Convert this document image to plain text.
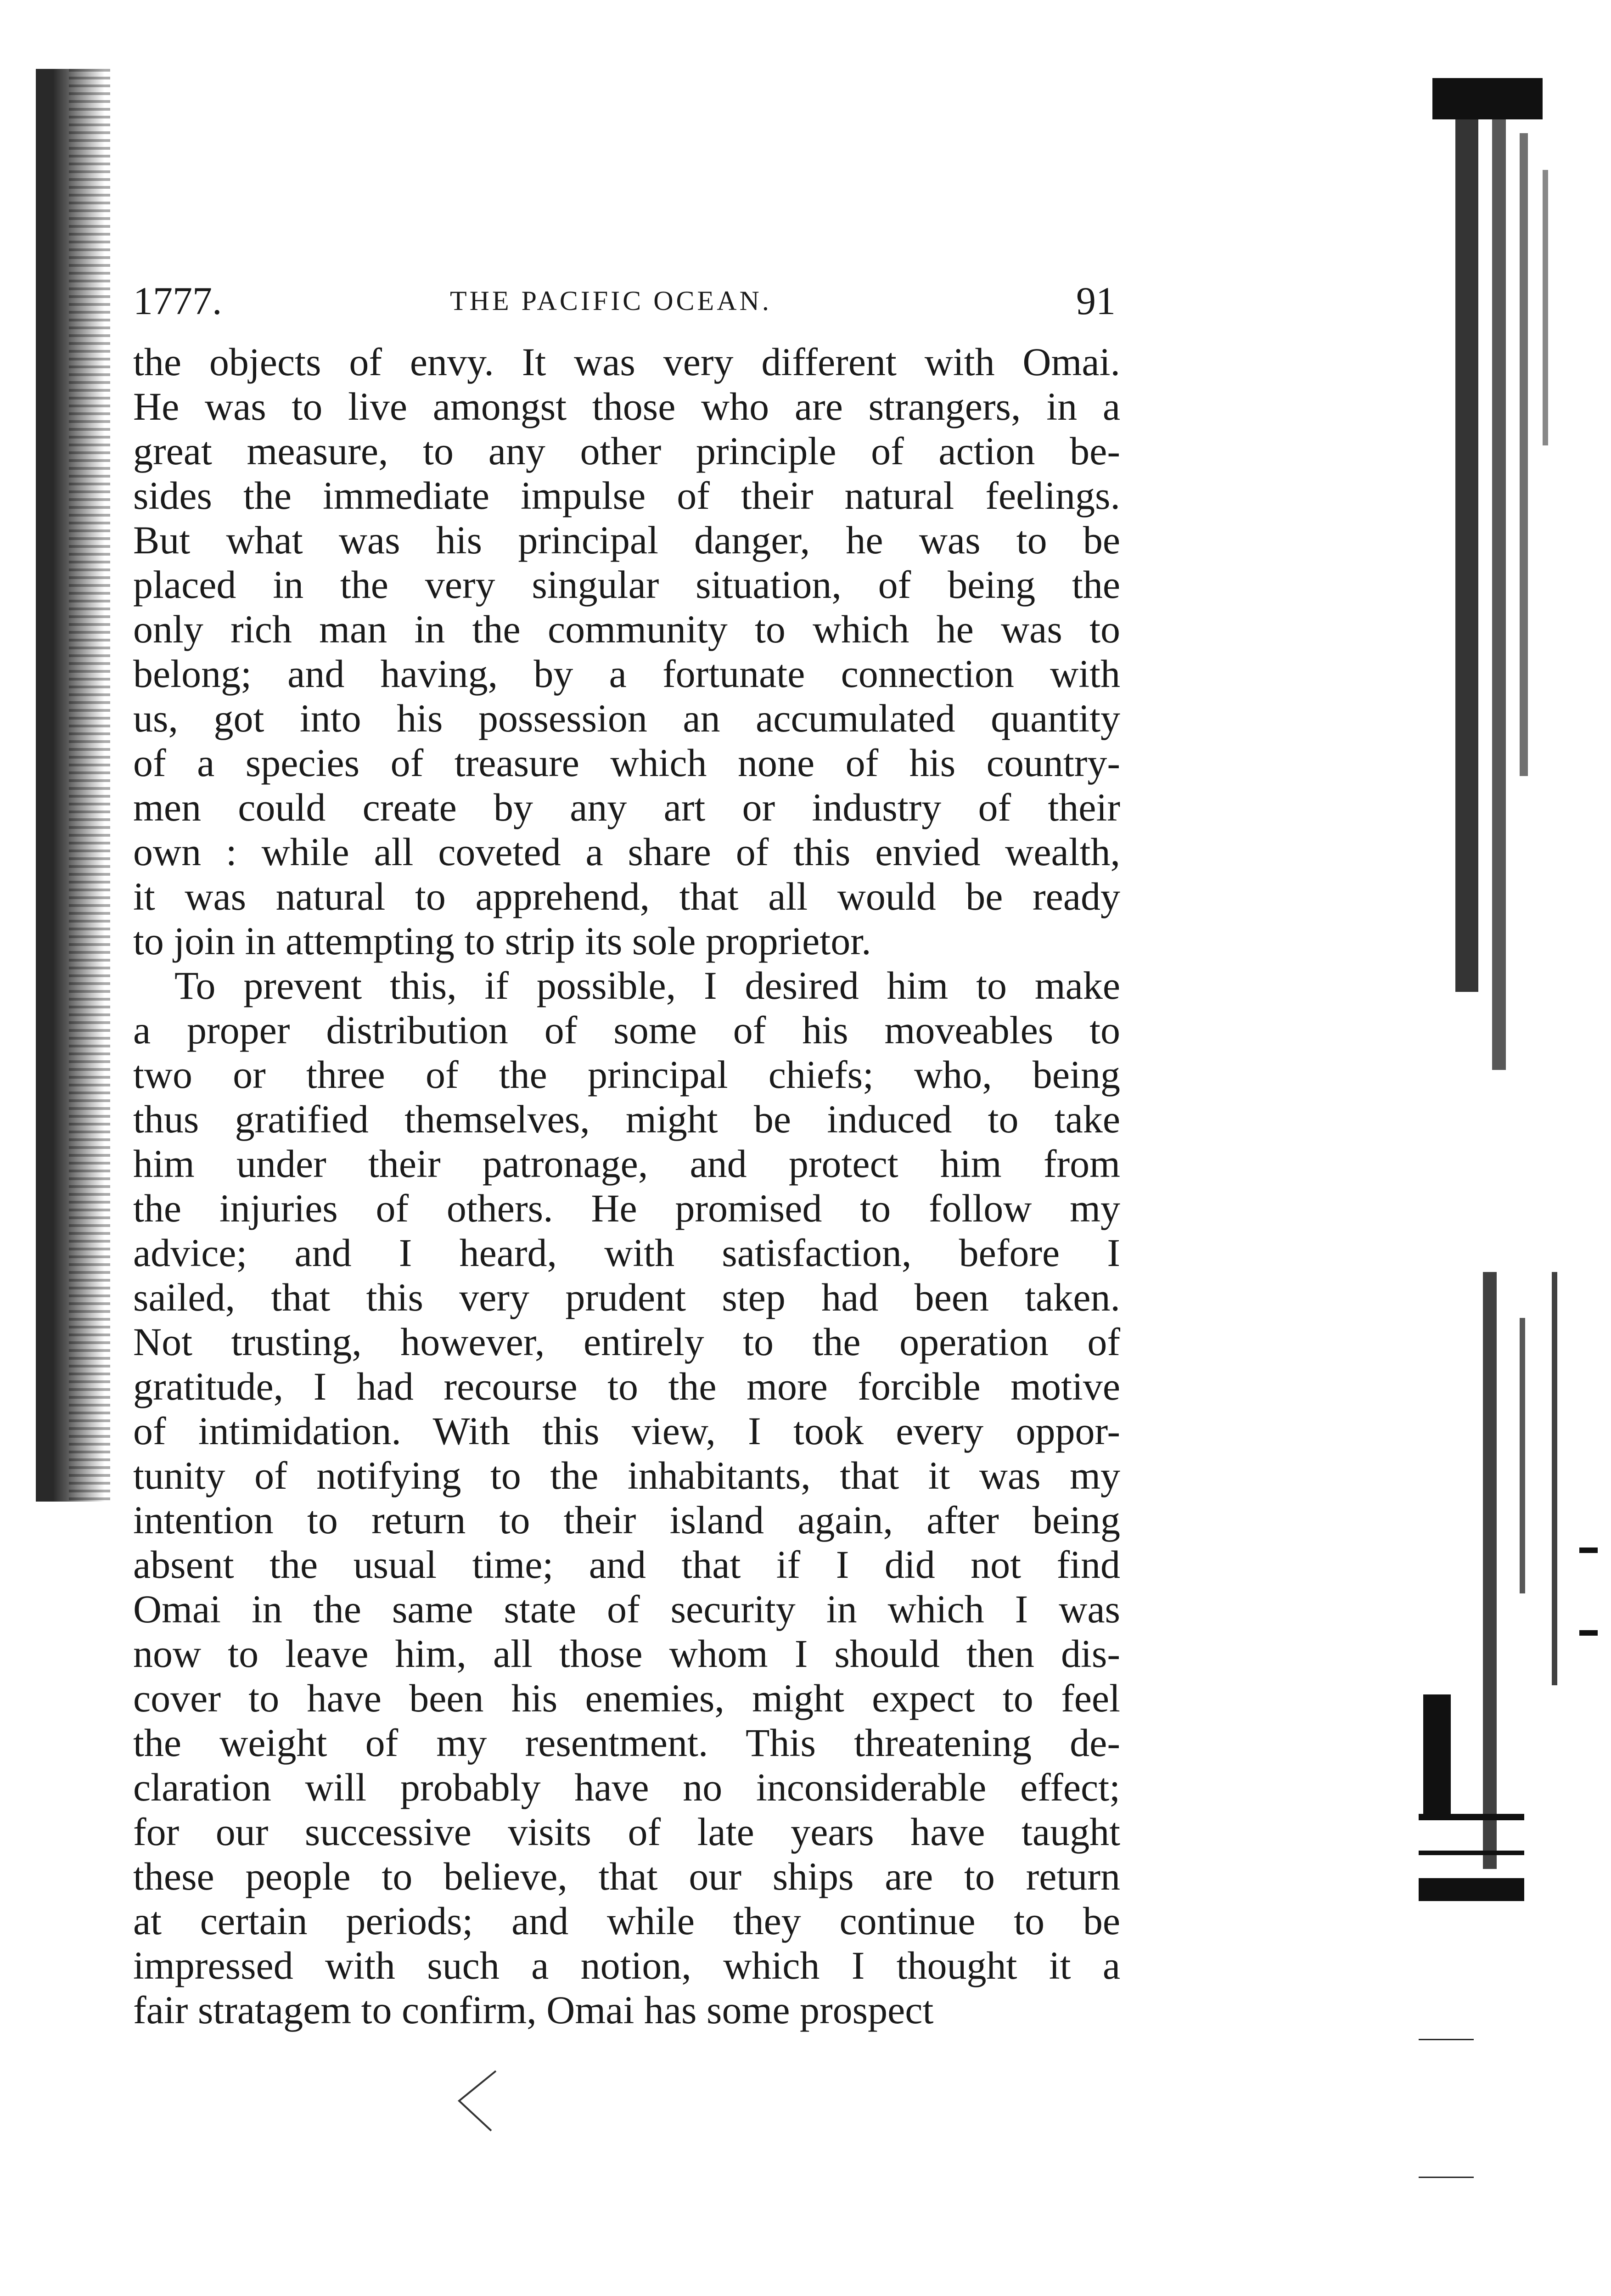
1777.	THE PACIFIC OCEAN.	91
the objects of envy. It was very different with Omai.
He was to live amongst those who are strangers, in a
great measure, to any other principle of action be-
sides the immediate impulse of their natural feelings.
But what was his principal danger, he was to be
placed in the very singular situation, of being the
only rich man in the community to which he was to
belong; and having, by a fortunate connection with
us, got into his possession an accumulated quantity
of a species of treasure which none of his country-
men could create by any art or industry of their
own : while all coveted a share of this envied wealth,
it was natural to apprehend, that all would be ready
to join in attempting to strip its sole proprietor.
To prevent this, if possible, I desired him to make
a proper distribution of some of his moveables to
two or three of the principal chiefs; who, being
thus gratified themselves, might be induced to take
him under their patronage, and protect him from
the injuries of others. He promised to follow my
advice; and I heard, with satisfaction, before I
sailed, that this very prudent step had been taken.
Not trusting, however, entirely to the operation of
gratitude, I had recourse to the more forcible motive
of intimidation. With this view, I took every oppor-
tunity of notifying to the inhabitants, that it was my
intention to return to their island again, after being
absent the usual time; and that if I did not find
Omai in the same state of security in which I was
now to leave him, all those whom I should then dis-
cover to have been his enemies, might expect to feel
the weight of my resentment. This threatening de-
claration will probably have no inconsiderable effect;
for our successive visits of late years have taught
these people to believe, that our ships are to return
at certain periods; and while they continue to be
impressed with such a notion, which I thought it a
fair stratagem to confirm, Omai has some prospect
